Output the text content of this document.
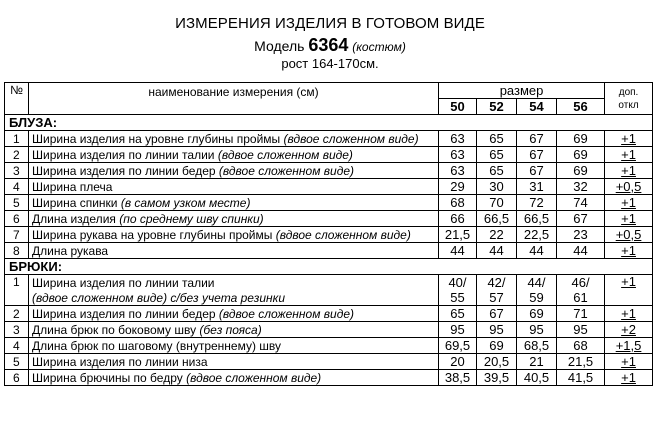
ИЗМЕРЕНИЯ ИЗДЕЛИЯ В ГОТОВОМ ВИДЕ
Модель 6364 (костюм)
рост 164-170см.
№	наименование измерения (см)	размер				доп.
откл
		50	52	54	56	
БЛУЗА:						
1	Ширина изделия на уровне глубины проймы (вдвое сложенном виде)	63	65	67	69	+1
2	Ширина изделия по линии талии (вдвое сложенном виде)	63	65	67	69	+1
3	Ширина изделия по линии бедер (вдвое сложенном виде)	63	65	67	69	+1
4	Ширина плеча	29	30	31	32	+0,5
5	Ширина спинки (в самом узком месте)	68	70	72	74	+1
6	Длина изделия (по среднему шву спинки)	66	66,5	66,5	67	+1
7	Ширина рукава на уровне глубины проймы (вдвое сложенном виде)	21,5	22	22,5	23	+0,5
8	Длина рукава	44	44	44	44	+1
БРЮКИ:						
1	Ширина изделия по линии талии	40/	42/	44/	46/	+1
	(вдвое сложенном виде) с/без учета резинки	55	57	59	61	
2	Ширина изделия по линии бедер (вдвое сложенном виде)	65	67	69	71	+1
3	Длина брюк по боковому шву (без пояса)	95	95	95	95	+2
4	Длина брюк по шаговому (внутреннему) шву	69,5	69	68,5	68	+1,5
5	Ширина изделия по линии низа	20	20,5	21	21,5	+1
6	Ширина брючины по бедру (вдвое сложенном виде)	38,5	39,5	40,5	41,5	+1
